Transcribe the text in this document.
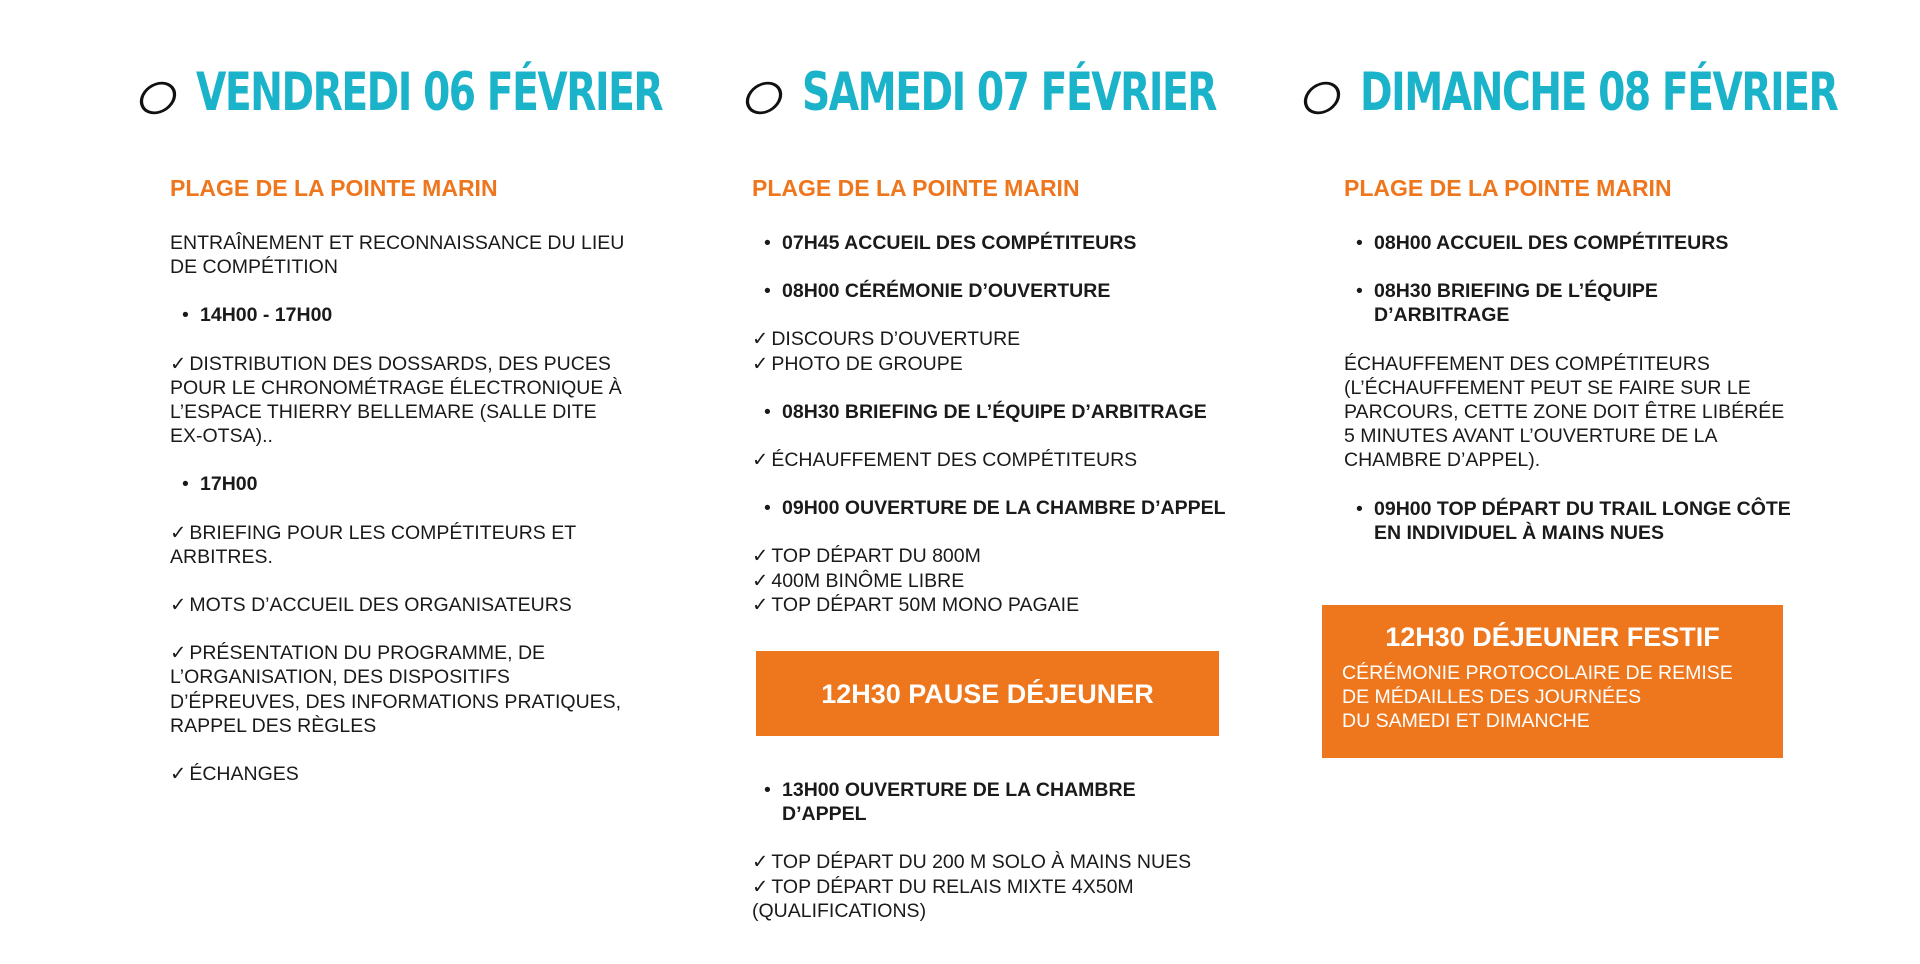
VENDREDI 06 FÉVRIER
PLAGE DE LA POINTE MARIN
ENTRAÎNEMENT ET RECONNAISSANCE DU LIEU DE COMPÉTITION
• 14H00 - 17H00
✓ DISTRIBUTION DES DOSSARDS, DES PUCES POUR LE CHRONOMÉTRAGE ÉLECTRONIQUE À L’ESPACE THIERRY BELLEMARE (SALLE DITE EX-OTSA)..
• 17H00
✓ BRIEFING POUR LES COMPÉTITEURS ET ARBITRES.
✓ MOTS D’ACCUEIL DES ORGANISATEURS
✓ PRÉSENTATION DU PROGRAMME, DE L’ORGANISATION, DES DISPOSITIFS D’ÉPREUVES, DES INFORMATIONS PRATIQUES, RAPPEL DES RÈGLES
✓ ÉCHANGES
SAMEDI 07 FÉVRIER
PLAGE DE LA POINTE MARIN
• 07H45 ACCUEIL DES COMPÉTITEURS
• 08H00 CÉRÉMONIE D’OUVERTURE
✓ DISCOURS D’OUVERTURE
✓ PHOTO DE GROUPE
• 08H30 BRIEFING DE L’ÉQUIPE D’ARBITRAGE
✓ ÉCHAUFFEMENT DES COMPÉTITEURS
• 09H00 OUVERTURE DE LA CHAMBRE D’APPEL
✓ TOP DÉPART DU 800M
✓ 400M BINÔME LIBRE
✓ TOP DÉPART 50M MONO PAGAIE
12H30 PAUSE DÉJEUNER
• 13H00 OUVERTURE DE LA CHAMBRE D’APPEL
✓ TOP DÉPART DU 200 M SOLO À MAINS NUES
✓ TOP DÉPART DU RELAIS MIXTE 4X50M (QUALIFICATIONS)
DIMANCHE 08 FÉVRIER
PLAGE DE LA POINTE MARIN
• 08H00 ACCUEIL DES COMPÉTITEURS
• 08H30 BRIEFING DE L’ÉQUIPE D’ARBITRAGE
ÉCHAUFFEMENT DES COMPÉTITEURS (L’ÉCHAUFFEMENT PEUT SE FAIRE SUR LE PARCOURS, CETTE ZONE DOIT ÊTRE LIBÉRÉE 5 MINUTES AVANT L’OUVERTURE DE LA CHAMBRE D’APPEL).
• 09H00 TOP DÉPART DU TRAIL LONGE CÔTE EN INDIVIDUEL À MAINS NUES
12H30 DÉJEUNER FESTIF
CÉRÉMONIE PROTOCOLAIRE DE REMISE DE MÉDAILLES DES JOURNÉES
DU SAMEDI ET DIMANCHE
